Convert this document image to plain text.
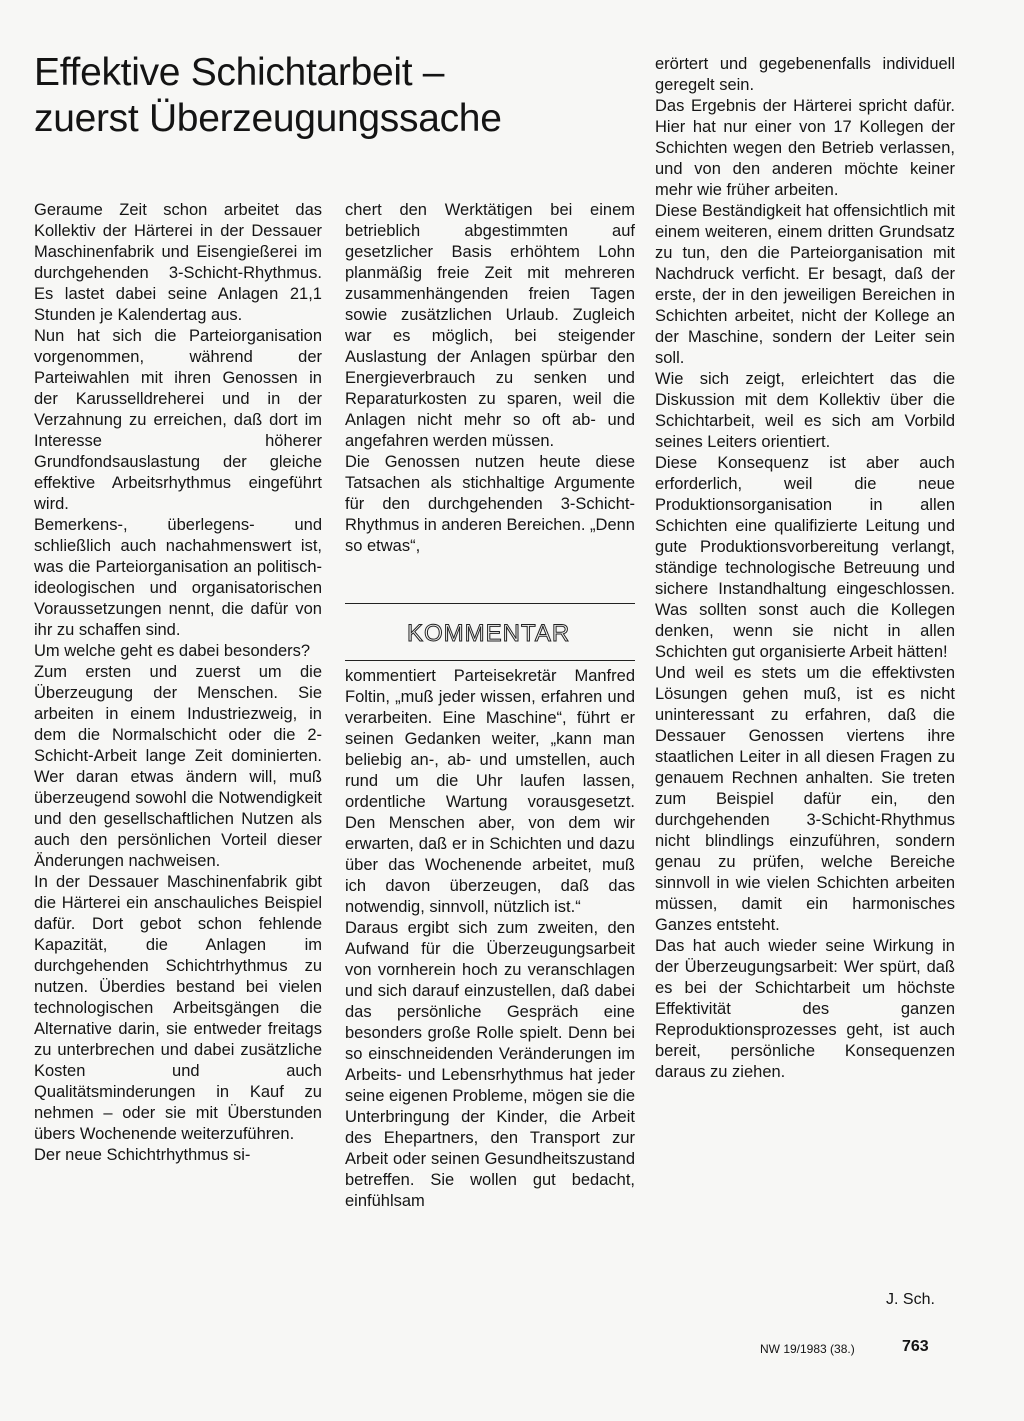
Effektive Schichtarbeit –
zuerst Überzeugungssache

Geraume Zeit schon arbeitet das Kollektiv der Härterei in der Dessauer Maschinenfabrik und Eisengießerei im durchgehenden 3-Schicht-Rhythmus. Es lastet dabei seine Anlagen 21,1 Stunden je Kalendertag aus.

Nun hat sich die Parteiorganisation vorgenommen, während der Parteiwahlen mit ihren Genossen in der Karusselldreherei und in der Verzahnung zu erreichen, daß dort im Interesse höherer Grundfondsauslastung der gleiche effektive Arbeitsrhythmus eingeführt wird.

Bemerkens-, überlegens- und schließlich auch nachahmenswert ist, was die Parteiorganisation an politisch-ideologischen und organisatorischen Voraussetzungen nennt, die dafür von ihr zu schaffen sind.

Um welche geht es dabei besonders?

Zum ersten und zuerst um die Überzeugung der Menschen. Sie arbeiten in einem Industriezweig, in dem die Normalschicht oder die 2-Schicht-Arbeit lange Zeit dominierten. Wer daran etwas ändern will, muß überzeugend sowohl die Notwendigkeit und den gesellschaftlichen Nutzen als auch den persönlichen Vorteil dieser Änderungen nachweisen.

In der Dessauer Maschinenfabrik gibt die Härterei ein anschauliches Beispiel dafür. Dort gebot schon fehlende Kapazität, die Anlagen im durchgehenden Schichtrhythmus zu nutzen. Überdies bestand bei vielen technologischen Arbeitsgängen die Alternative darin, sie entweder freitags zu unterbrechen und dabei zusätzliche Kosten und auch Qualitätsminderungen in Kauf zu nehmen – oder sie mit Überstunden übers Wochenende weiterzuführen.

Der neue Schichtrhythmus si-

chert den Werktätigen bei einem betrieblich abgestimmten auf gesetzlicher Basis erhöhtem Lohn planmäßig freie Zeit mit mehreren zusammenhängenden freien Tagen sowie zusätzlichen Urlaub. Zugleich war es möglich, bei steigender Auslastung der Anlagen spürbar den Energieverbrauch zu senken und Reparaturkosten zu sparen, weil die Anlagen nicht mehr so oft ab- und angefahren werden müssen.

Die Genossen nutzen heute diese Tatsachen als stichhaltige Argumente für den durchgehenden 3-Schicht-Rhythmus in anderen Bereichen. „Denn so etwas“,

KOMMENTAR

kommentiert Parteisekretär Manfred Foltin, „muß jeder wissen, erfahren und verarbeiten. Eine Maschine“, führt er seinen Gedanken weiter, „kann man beliebig an-, ab- und umstellen, auch rund um die Uhr laufen lassen, ordentliche Wartung vorausgesetzt. Den Menschen aber, von dem wir erwarten, daß er in Schichten und dazu über das Wochenende arbeitet, muß ich davon überzeugen, daß das notwendig, sinnvoll, nützlich ist.“

Daraus ergibt sich zum zweiten, den Aufwand für die Überzeugungsarbeit von vornherein hoch zu veranschlagen und sich darauf einzustellen, daß dabei das persönliche Gespräch eine besonders große Rolle spielt. Denn bei so einschneidenden Veränderungen im Arbeits- und Lebensrhythmus hat jeder seine eigenen Probleme, mögen sie die Unterbringung der Kinder, die Arbeit des Ehepartners, den Transport zur Arbeit oder seinen Gesundheitszustand betreffen. Sie wollen gut bedacht, einfühlsam

erörtert und gegebenenfalls individuell geregelt sein.

Das Ergebnis der Härterei spricht dafür. Hier hat nur einer von 17 Kollegen der Schichten wegen den Betrieb verlassen, und von den anderen möchte keiner mehr wie früher arbeiten.

Diese Beständigkeit hat offensichtlich mit einem weiteren, einem dritten Grundsatz zu tun, den die Parteiorganisation mit Nachdruck verficht. Er besagt, daß der erste, der in den jeweiligen Bereichen in Schichten arbeitet, nicht der Kollege an der Maschine, sondern der Leiter sein soll.

Wie sich zeigt, erleichtert das die Diskussion mit dem Kollektiv über die Schichtarbeit, weil es sich am Vorbild seines Leiters orientiert.

Diese Konsequenz ist aber auch erforderlich, weil die neue Produktionsorganisation in allen Schichten eine qualifizierte Leitung und gute Produktionsvorbereitung verlangt, ständige technologische Betreuung und sichere Instandhaltung eingeschlossen. Was sollten sonst auch die Kollegen denken, wenn sie nicht in allen Schichten gut organisierte Arbeit hätten!

Und weil es stets um die effektivsten Lösungen gehen muß, ist es nicht uninteressant zu erfahren, daß die Dessauer Genossen viertens ihre staatlichen Leiter in all diesen Fragen zu genauem Rechnen anhalten. Sie treten zum Beispiel dafür ein, den durchgehenden 3-Schicht-Rhythmus nicht blindlings einzuführen, sondern genau zu prüfen, welche Bereiche sinnvoll in wie vielen Schichten arbeiten müssen, damit ein harmonisches Ganzes entsteht.

Das hat auch wieder seine Wirkung in der Überzeugungsarbeit: Wer spürt, daß es bei der Schichtarbeit um höchste Effektivität des ganzen Reproduktionsprozesses geht, ist auch bereit, persönliche Konsequenzen daraus zu ziehen.

J. Sch.
NW 19/1983 (38.)	763
